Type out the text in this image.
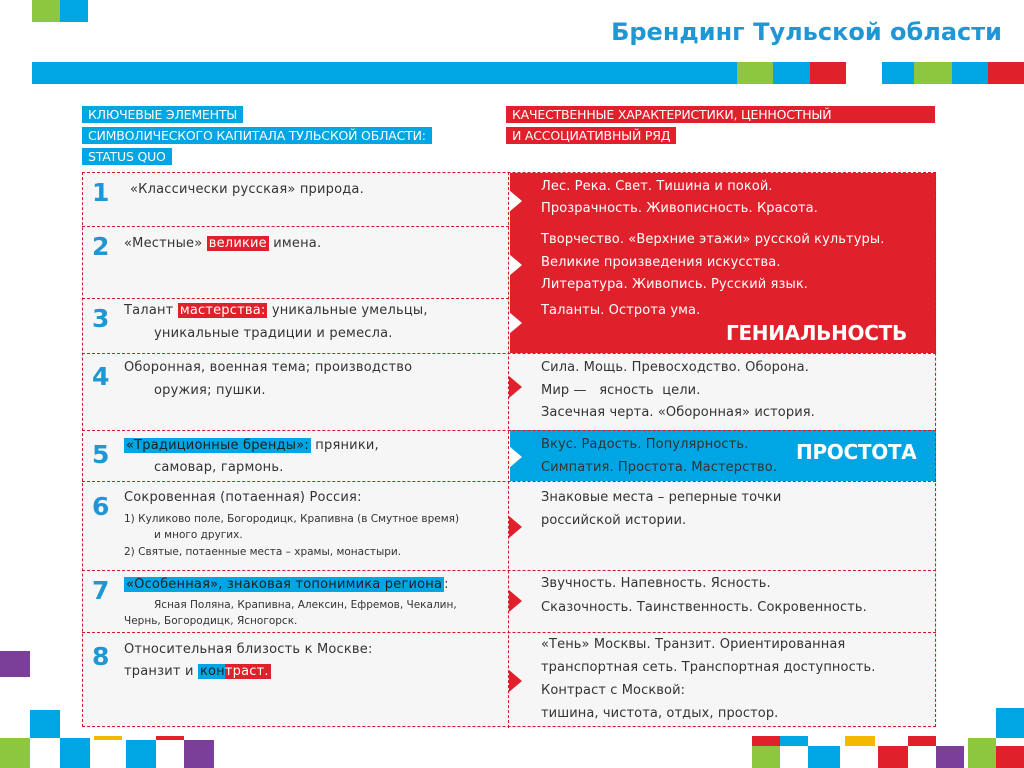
Брендинг Тульской области
КЛЮЧЕВЫЕ ЭЛЕМЕНТЫ
СИМВОЛИЧЕСКОГО КАПИТАЛА ТУЛЬСКОЙ ОБЛАСТИ:
STATUS QUO
КАЧЕСТВЕННЫЕ ХАРАКТЕРИСТИКИ, ЦЕННОСТНЫЙ
И АССОЦИАТИВНЫЙ РЯД
1 «Классически русская» природа.	Лес. Река. Свет. Тишина и покой.
Прозрачность. Живописность. Красота.
2 «Местные» великие имена.	Творчество. «Верхние этажи» русской культуры.
Великие произведения искусства.
Литература. Живопись. Русский язык.
3 Талант мастерства: уникальные умельцы,
уникальные традиции и ремесла.
Таланты. Острота ума.
ГЕНИАЛЬНОСТЬ
4 Оборонная, военная тема; производство
оружия; пушки.
Сила. Мощь. Превосходство. Оборона.
Мир —   ясность  цели.
Засечная черта. «Оборонная» история.
5 «Традиционные бренды»: пряники,
самовар, гармонь.
Вкус. Радость. Популярность.
Симпатия. Простота. Мастерство.
ПРОСТОТА
6 Сокровенная (потаенная) Россия:
1) Куликово поле, Богородицк, Крапивна (в Смутное время)
и много других.
2) Святые, потаенные места – храмы, монастыри.
Знаковые места – реперные точки
российской истории.
7 «Особенная», знаковая топонимика региона :
Ясная Поляна, Крапивна, Алексин, Ефремов, Чекалин,
Чернь, Богородицк, Ясногорск.
Звучность. Напевность. Ясность.
Сказочность. Таинственность. Сокровенность.
8 Относительная близость к Москве:
транзит и контраст.
«Тень» Москвы. Транзит. Ориентированная
транспортная сеть. Транспортная доступность.
Контраст с Москвой:
тишина, чистота, отдых, простор.
